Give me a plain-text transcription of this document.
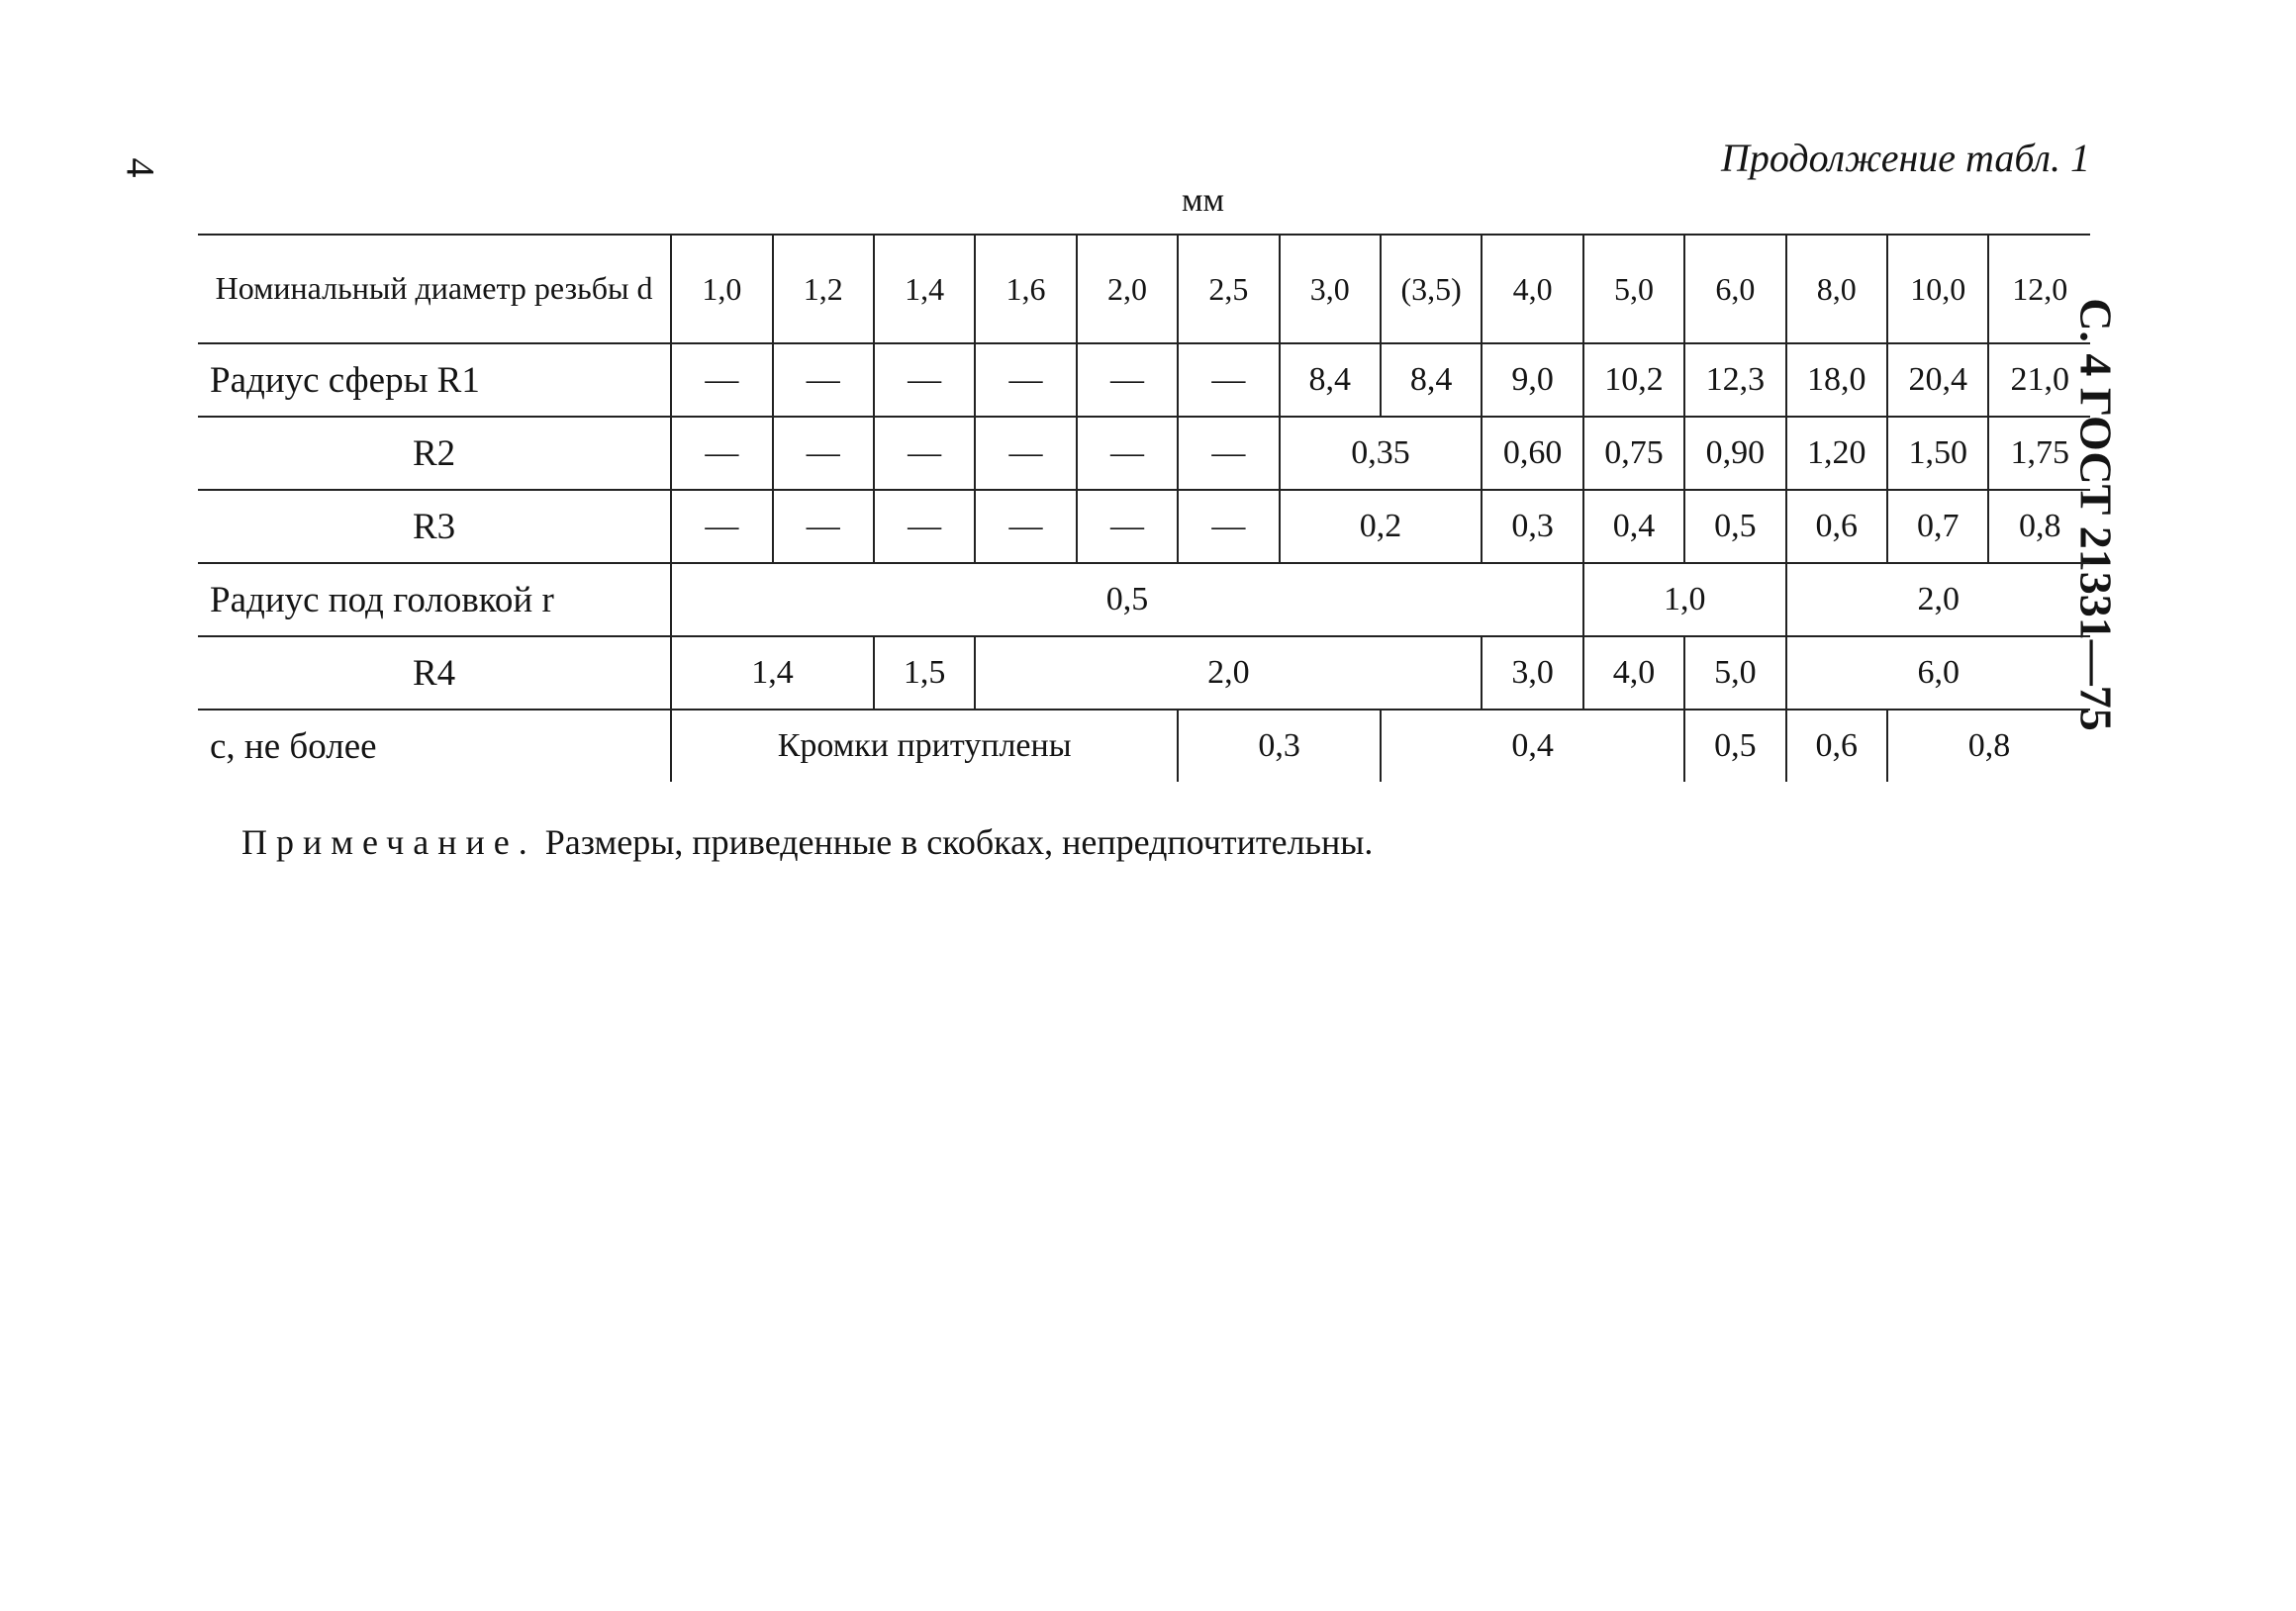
4
С. 4 ГОСТ 21331—75
Продолжение табл. 1
мм
Номинальный диаметр резьбы d	1,0	1,2	1,4	1,6	2,0	2,5	3,0	(3,5)	4,0	5,0	6,0	8,0	10,0	12,0
Радиус сферы R1	—	—	—	—	—	—	8,4	8,4	9,0	10,2	12,3	18,0	20,4	21,0
R2	—	—	—	—	—	—	0,35		0,60	0,75	0,90	1,20	1,50	1,75
R3	—	—	—	—	—	—	0,2		0,3	0,4	0,5	0,6	0,7	0,8
Радиус под головкой r	0,5									1,0		2,0		
R4	1,4		1,5	2,0					3,0	4,0	5,0	6,0		
c, не более	Кромки притуплены					0,3		0,4			0,5	0,6	0,8	
Примечание. Размеры, приведенные в скобках, непредпочтительны.
